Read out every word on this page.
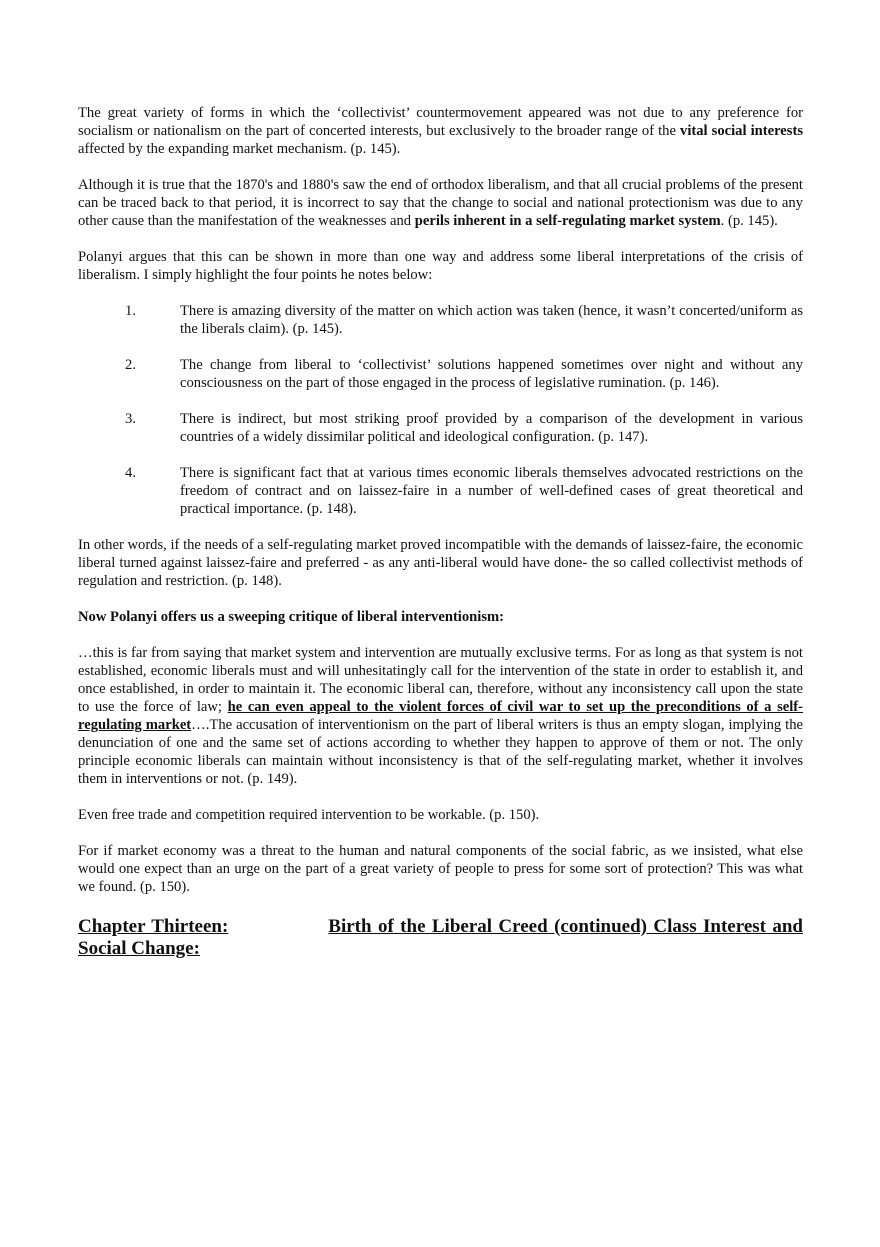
The great variety of forms in which the ‘collectivist’ countermovement appeared was not due to any preference for socialism or nationalism on the part of concerted interests, but exclusively to the broader range of the vital social interests affected by the expanding market mechanism. (p. 145).

Although it is true that the 1870's and 1880's saw the end of orthodox liberalism, and that all crucial problems of the present can be traced back to that period, it is incorrect to say that the change to social and national protectionism was due to any other cause than the manifestation of the weaknesses and perils inherent in a self-regulating market system. (p. 145).

Polanyi argues that this can be shown in more than one way and address some liberal interpretations of the crisis of liberalism. I simply highlight the four points he notes below:

1.	There is amazing diversity of the matter on which action was taken (hence, it wasn’t concerted/uniform as the liberals claim). (p. 145).
2.	The change from liberal to ‘collectivist’ solutions happened sometimes over night and without any consciousness on the part of those engaged in the process of legislative rumination. (p. 146).
3.	There is indirect, but most striking proof provided by a comparison of the development in various countries of a widely dissimilar political and ideological configuration. (p. 147).
4.	There is significant fact that at various times economic liberals themselves advocated restrictions on the freedom of contract and on laissez-faire in a number of well-defined cases of great theoretical and practical importance. (p. 148).

In other words, if the needs of a self-regulating market proved incompatible with the demands of laissez-faire, the economic liberal turned against laissez-faire and preferred - as any anti-liberal would have done- the so called collectivist methods of regulation and restriction. (p. 148).

Now Polanyi offers us a sweeping critique of liberal interventionism:

…this is far from saying that market system and intervention are mutually exclusive terms. For as long as that system is not established, economic liberals must and will unhesitatingly call for the intervention of the state in order to establish it, and once established, in order to maintain it. The economic liberal can, therefore, without any inconsistency call upon the state to use the force of law; he can even appeal to the violent forces of civil war to set up the preconditions of a self-regulating market….The accusation of interventionism on the part of liberal writers is thus an empty slogan, implying the denunciation of one and the same set of actions according to whether they happen to approve of them or not. The only principle economic liberals can maintain without inconsistency is that of the self-regulating market, whether it involves them in interventions or not. (p. 149).

Even free trade and competition required intervention to be workable. (p. 150).

For if market economy was a threat to the human and natural components of the social fabric, as we insisted, what else would one expect than an urge on the part of a great variety of people to press for some sort of protection? This was what we found. (p. 150).

Chapter Thirteen:	Birth of the Liberal Creed (continued) Class Interest and Social Change:
